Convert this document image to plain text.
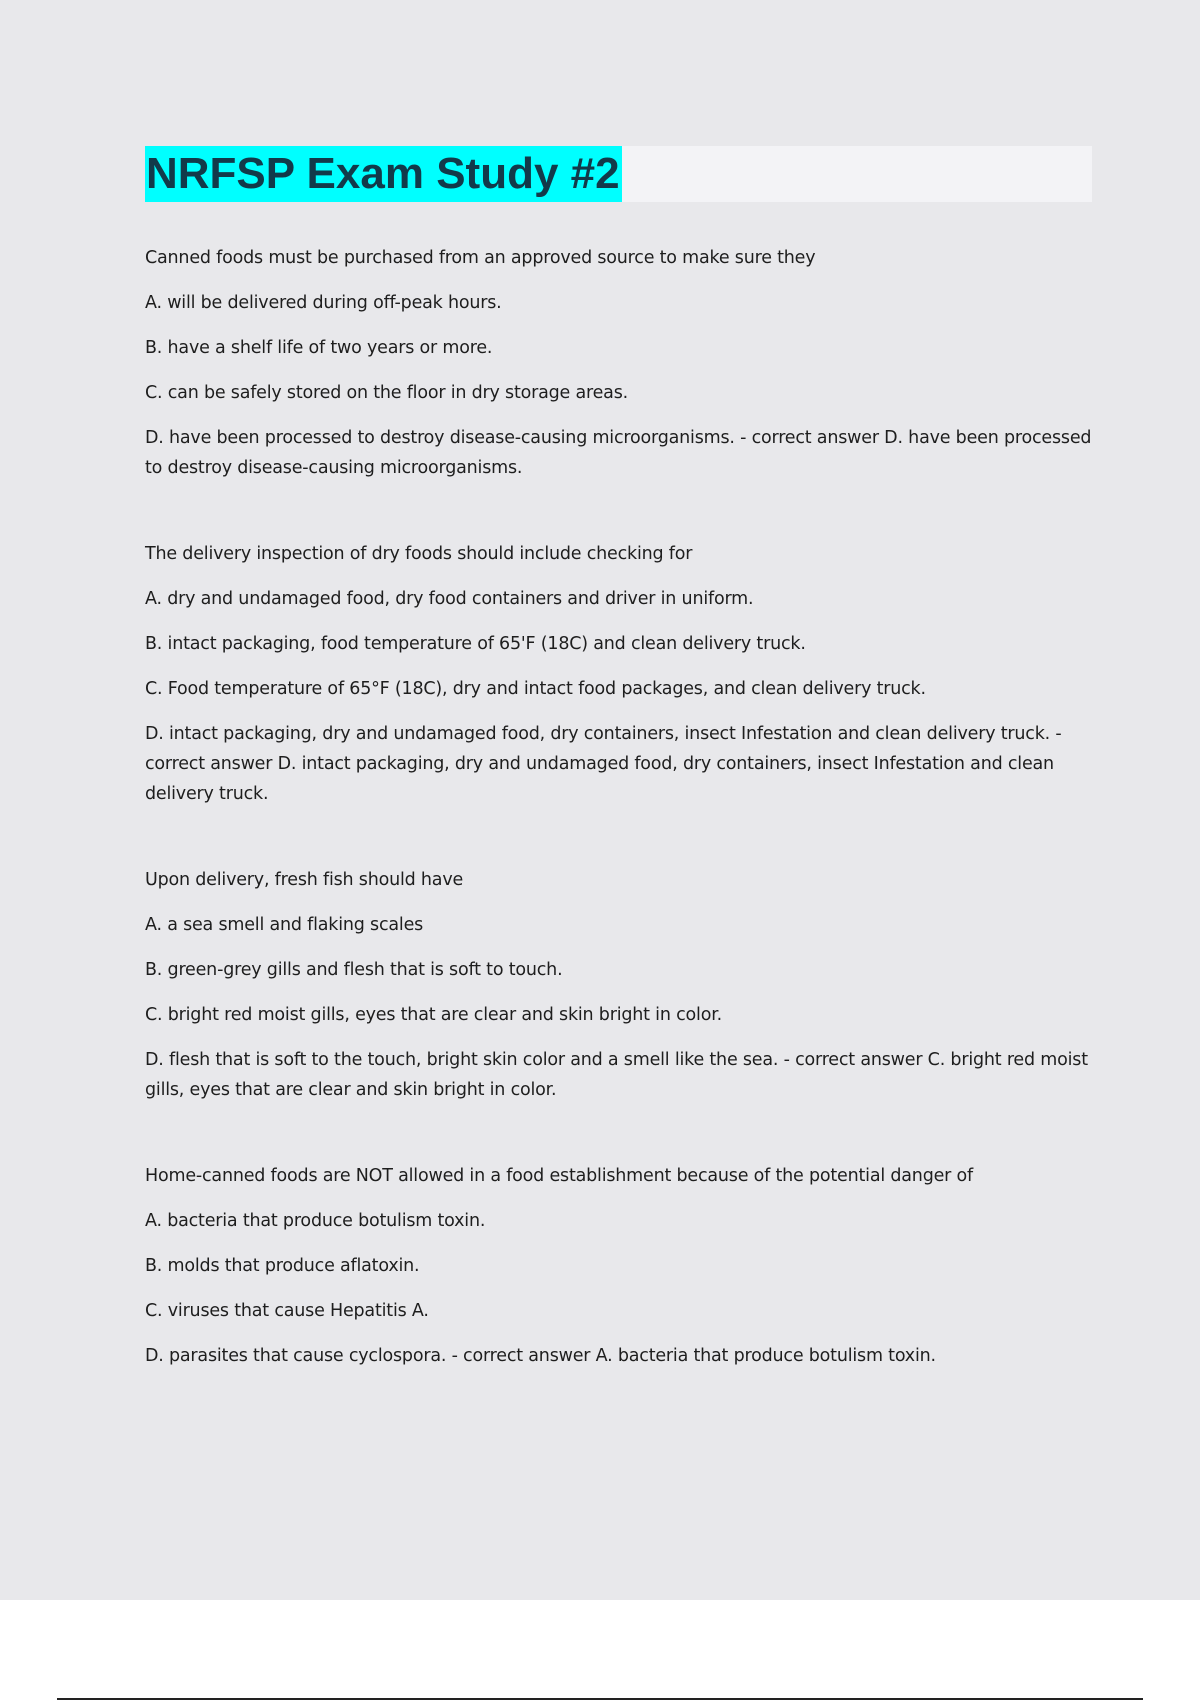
NRFSP Exam Study #2

Canned foods must be purchased from an approved source to make sure they

A. will be delivered during off-peak hours.

B. have a shelf life of two years or more.

C. can be safely stored on the floor in dry storage areas.

D. have been processed to destroy disease-causing microorganisms. - correct answer D. have been processed to destroy disease-causing microorganisms.

The delivery inspection of dry foods should include checking for

A. dry and undamaged food, dry food containers and driver in uniform.

B. intact packaging, food temperature of 65'F (18C) and clean delivery truck.

C. Food temperature of 65°F (18C), dry and intact food packages, and clean delivery truck.

D. intact packaging, dry and undamaged food, dry containers, insect Infestation and clean delivery truck. - correct answer D. intact packaging, dry and undamaged food, dry containers, insect Infestation and clean delivery truck.

Upon delivery, fresh fish should have

A. a sea smell and flaking scales

B. green-grey gills and flesh that is soft to touch.

C. bright red moist gills, eyes that are clear and skin bright in color.

D. flesh that is soft to the touch, bright skin color and a smell like the sea. - correct answer C. bright red moist gills, eyes that are clear and skin bright in color.

Home-canned foods are NOT allowed in a food establishment because of the potential danger of

A. bacteria that produce botulism toxin.

B. molds that produce aflatoxin.

C. viruses that cause Hepatitis A.

D. parasites that cause cyclospora. - correct answer A. bacteria that produce botulism toxin.
